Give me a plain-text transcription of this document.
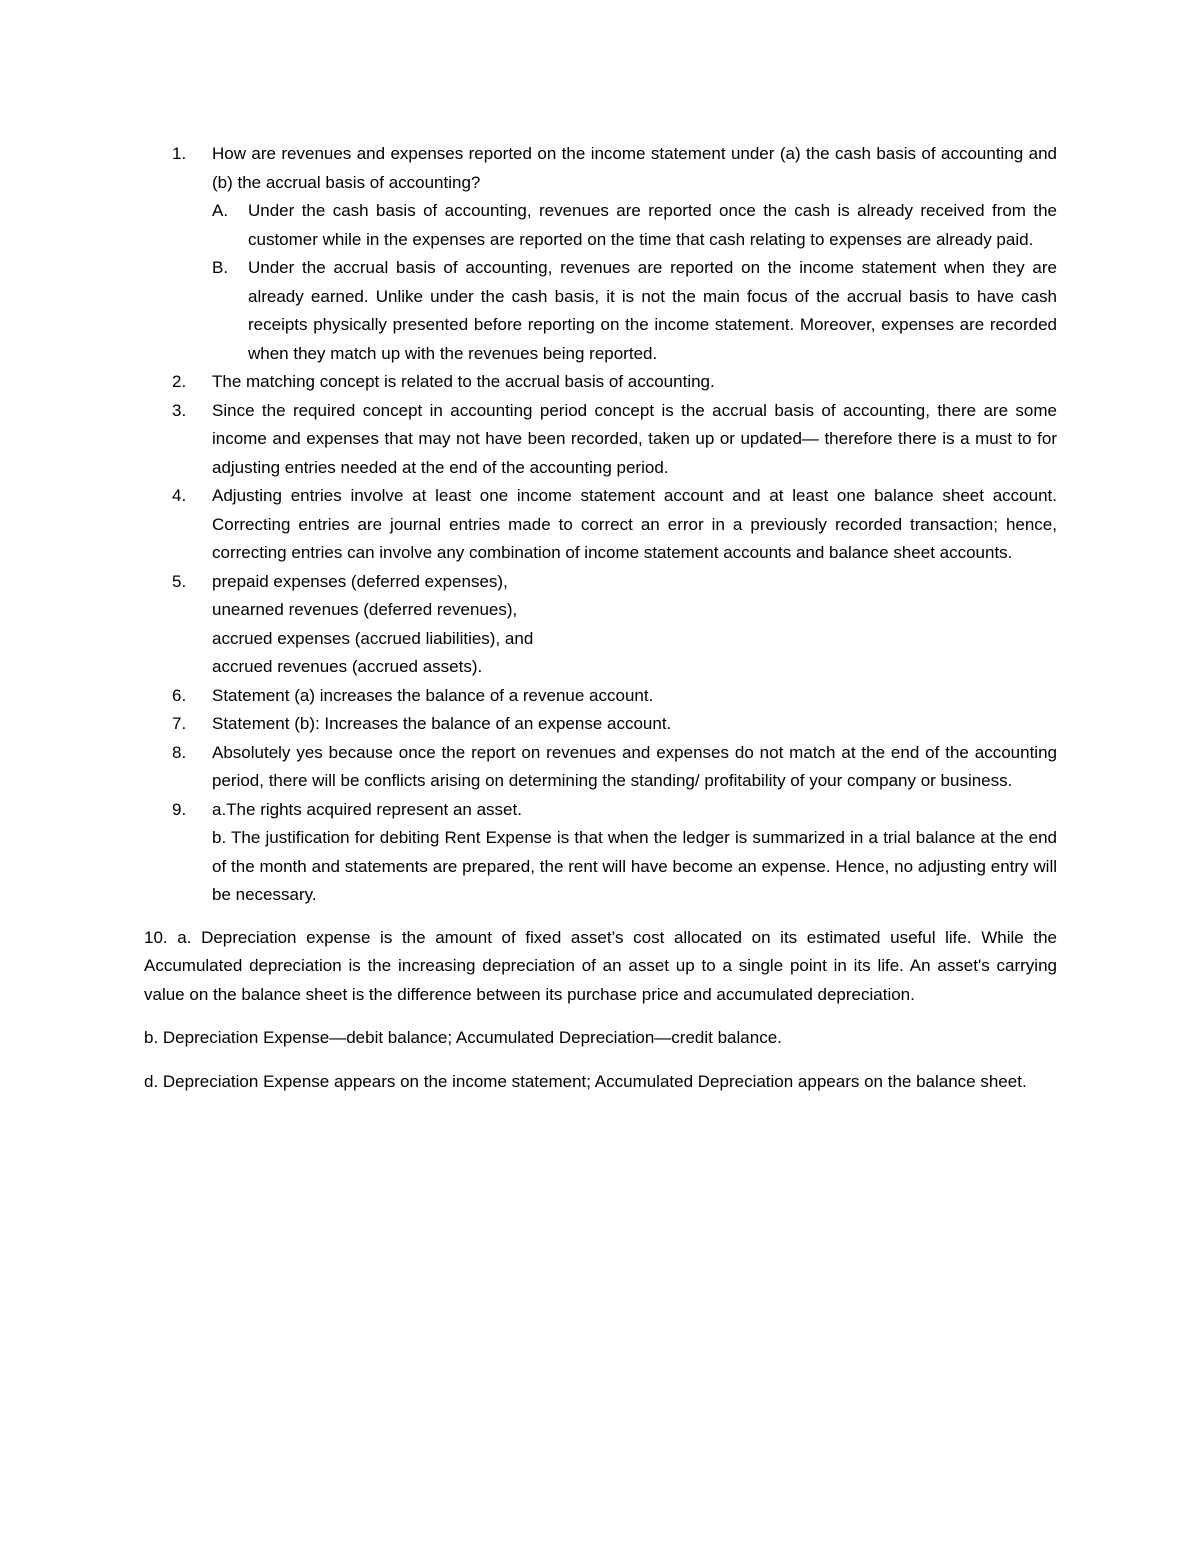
1. How are revenues and expenses reported on the income statement under (a) the cash basis of accounting and (b) the accrual basis of accounting?
A. Under the cash basis of accounting, revenues are reported once the cash is already received from the customer while in the expenses are reported on the time that cash relating to expenses are already paid.
B. Under the accrual basis of accounting, revenues are reported on the income statement when they are already earned. Unlike under the cash basis, it is not the main focus of the accrual basis to have cash receipts physically presented before reporting on the income statement. Moreover, expenses are recorded when they match up with the revenues being reported.
2. The matching concept is related to the accrual basis of accounting.
3. Since the required concept in accounting period concept is the accrual basis of accounting, there are some income and expenses that may not have been recorded, taken up or updated— therefore there is a must to for adjusting entries needed at the end of the accounting period.
4. Adjusting entries involve at least one income statement account and at least one balance sheet account. Correcting entries are journal entries made to correct an error in a previously recorded transaction; hence, correcting entries can involve any combination of income statement accounts and balance sheet accounts.
5. prepaid expenses (deferred expenses),
unearned revenues (deferred revenues),
accrued expenses (accrued liabilities), and
accrued revenues (accrued assets).
6. Statement (a) increases the balance of a revenue account.
7. Statement (b): Increases the balance of an expense account.
8. Absolutely yes because once the report on revenues and expenses do not match at the end of the accounting period, there will be conflicts arising on determining the standing/ profitability of your company or business.
9. a.The rights acquired represent an asset.
b. The justification for debiting Rent Expense is that when the ledger is summarized in a trial balance at the end of the month and statements are prepared, the rent will have become an expense. Hence, no adjusting entry will be necessary.

10. a. Depreciation expense is the amount of fixed asset’s cost allocated on its estimated useful life. While the Accumulated depreciation is the increasing depreciation of an asset up to a single point in its life. An asset's carrying value on the balance sheet is the difference between its purchase price and accumulated depreciation.

b. Depreciation Expense—debit balance; Accumulated Depreciation—credit balance.

d. Depreciation Expense appears on the income statement; Accumulated Depreciation appears on the balance sheet.
